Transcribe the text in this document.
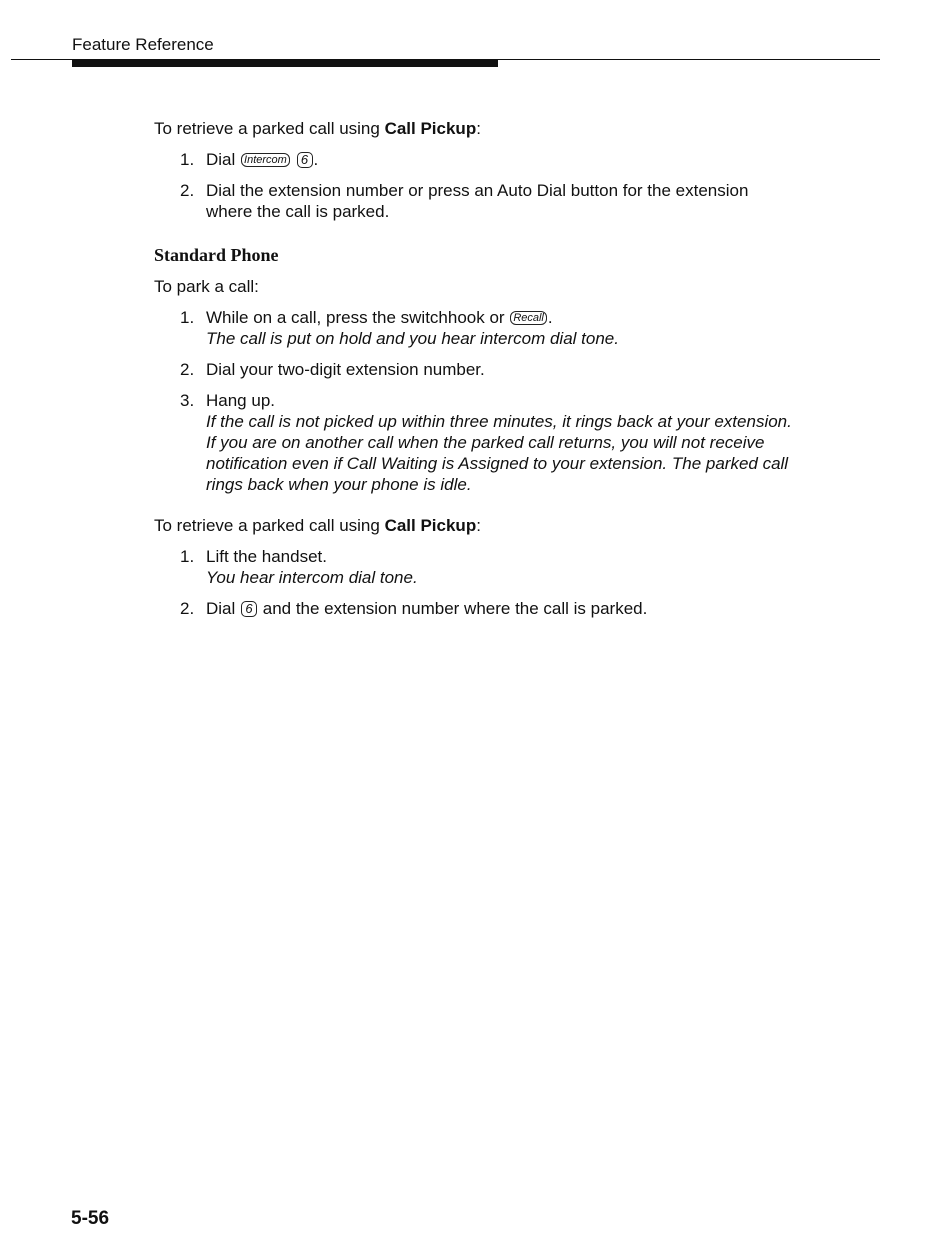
Feature Reference

To retrieve a parked call using Call Pickup:

1. Dial Intercom 6 .
2. Dial the extension number or press an Auto Dial button for the extension where the call is parked.
Standard Phone

To park a call:

1. While on a call, press the switchhook or Recall .
The call is put on hold and you hear intercom dial tone.
2. Dial your two-digit extension number.
3. Hang up.
If the call is not picked up within three minutes, it rings back at your extension. If you are on another call when the parked call returns, you will not receive notification even if Call Waiting is Assigned to your extension. The parked call rings back when your phone is idle.

To retrieve a parked call using Call Pickup:

1. Lift the handset.
You hear intercom dial tone.
2. Dial 6 and the extension number where the call is parked.
5-56
